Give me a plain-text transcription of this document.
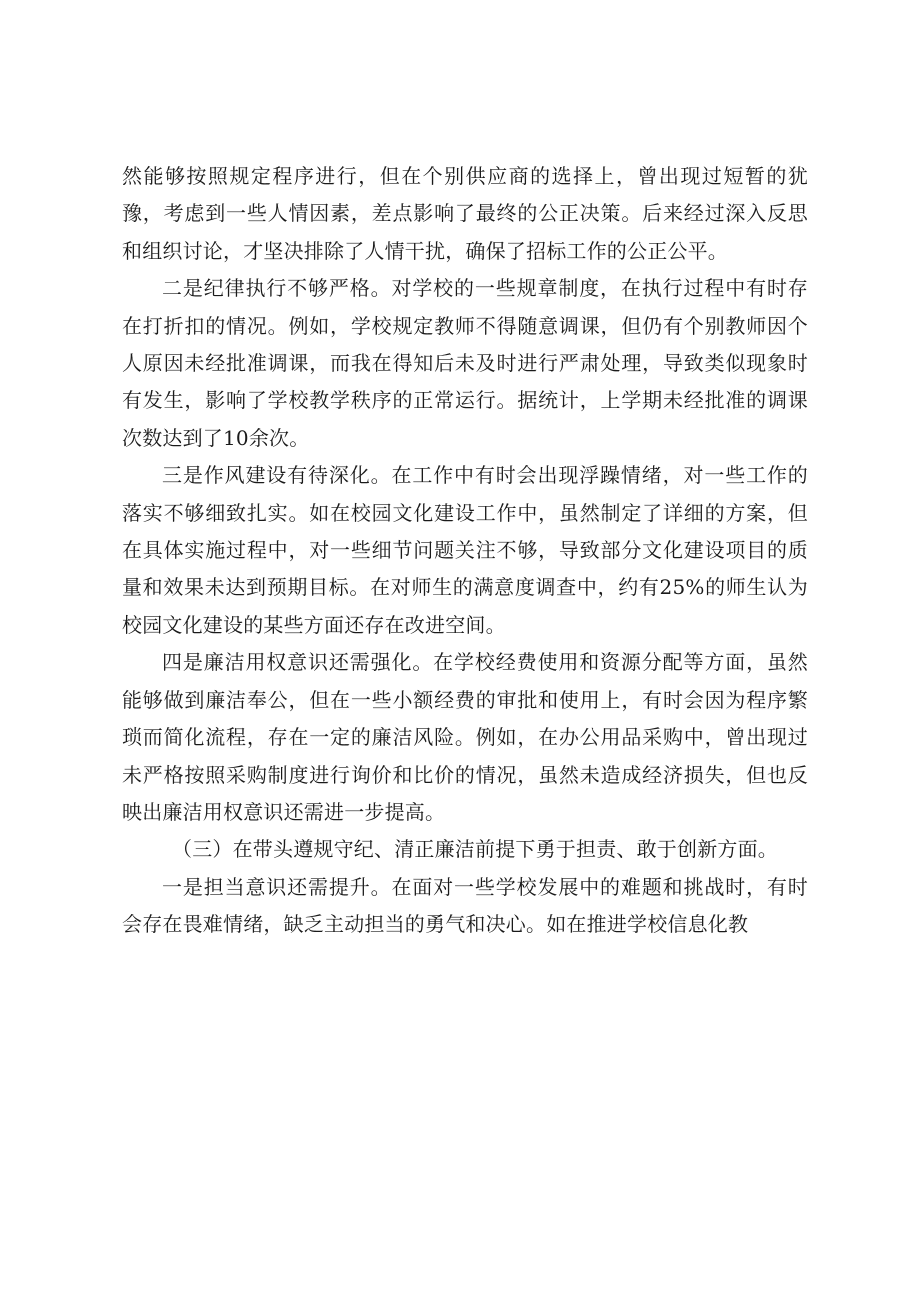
然能够按照规定程序进行，但在个别供应商的选择上，曾出现过短暂的犹豫，考虑到一些人情因素，差点影响了最终的公正决策。后来经过深入反思和组织讨论，才坚决排除了人情干扰，确保了招标工作的公正公平。

二是纪律执行不够严格。对学校的一些规章制度，在执行过程中有时存在打折扣的情况。例如，学校规定教师不得随意调课，但仍有个别教师因个人原因未经批准调课，而我在得知后未及时进行严肃处理，导致类似现象时有发生，影响了学校教学秩序的正常运行。据统计，上学期未经批准的调课次数达到了10余次。

三是作风建设有待深化。在工作中有时会出现浮躁情绪，对一些工作的落实不够细致扎实。如在校园文化建设工作中，虽然制定了详细的方案，但在具体实施过程中，对一些细节问题关注不够，导致部分文化建设项目的质量和效果未达到预期目标。在对师生的满意度调查中，约有25%的师生认为校园文化建设的某些方面还存在改进空间。

四是廉洁用权意识还需强化。在学校经费使用和资源分配等方面，虽然能够做到廉洁奉公，但在一些小额经费的审批和使用上，有时会因为程序繁琐而简化流程，存在一定的廉洁风险。例如，在办公用品采购中，曾出现过未严格按照采购制度进行询价和比价的情况，虽然未造成经济损失，但也反映出廉洁用权意识还需进一步提高。

（三）在带头遵规守纪、清正廉洁前提下勇于担责、敢于创新方面。

一是担当意识还需提升。在面对一些学校发展中的难题和挑战时，有时会存在畏难情绪，缺乏主动担当的勇气和决心。如在推进学校信息化教
